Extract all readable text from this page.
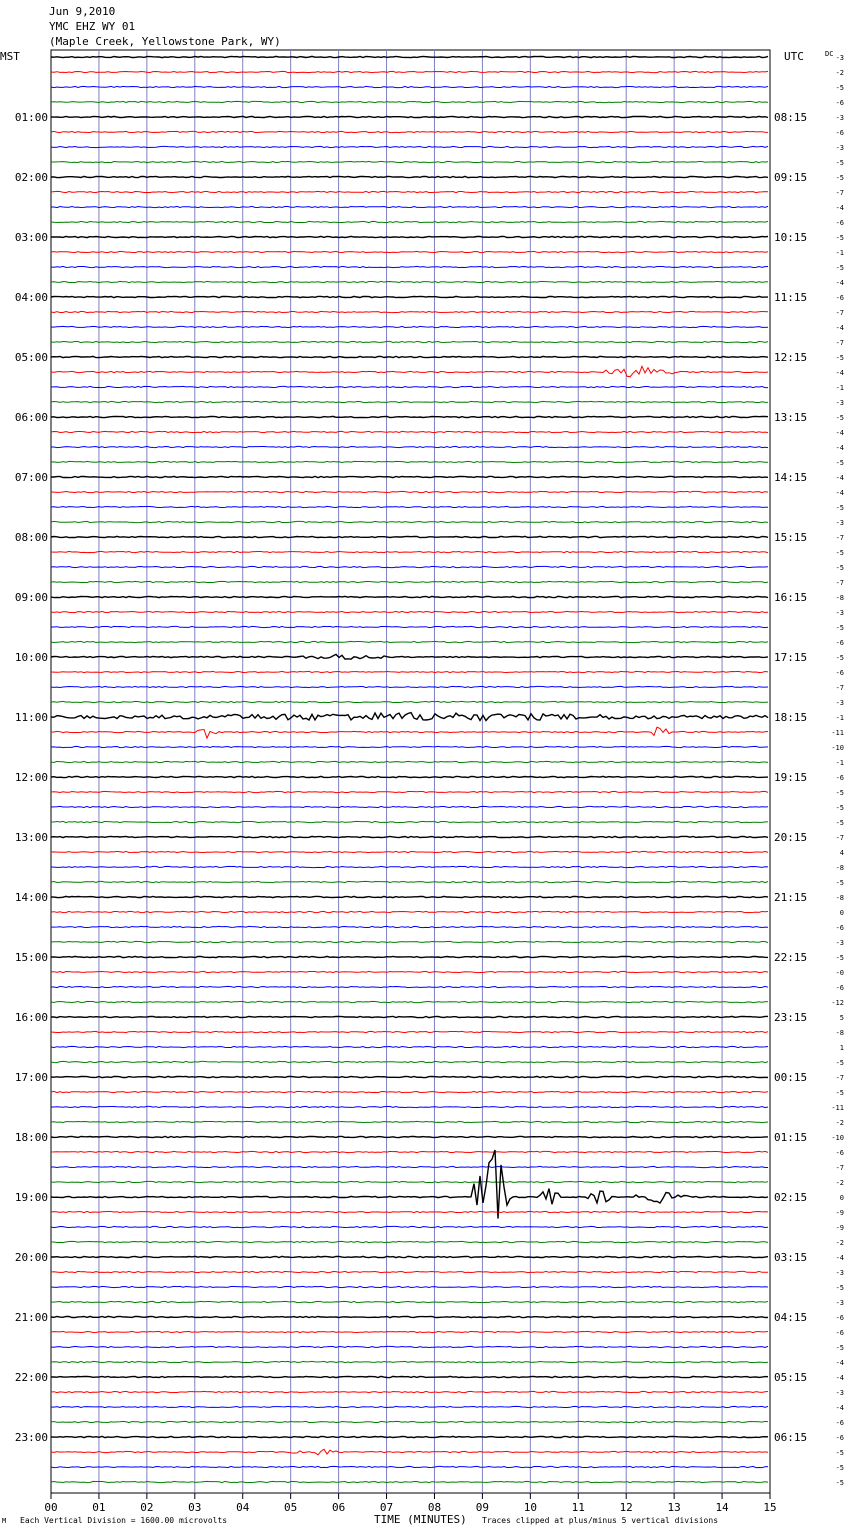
Jun 9,2010
YMC EHZ WY 01
(Maple Creek, Yellowstone Park, WY)
MST	UTC	DC -3
-2
-5
-6
-3
-6
-3
-5
-5
-7
-4
-6
-5
-1
-5
-4
-6
-7
-4
-7
-5
-4
-1
-3
-5
-4
-4
-5
-4
-4
-5
-3
-7
-5
-5
-7
-8
-3
-5
-6
-5
-6
-7
-3
-1
-11
-10
-1
-6
-5
-5
-5
-7
4
-8
-5
-8
0
-6
-3
-5
-0
-6
-12
5
-8
1
-5
-7
-5
-11
-2
-10
-6
-7
-2
0
-9
-9
-2
-4
-3
-5
-3
-6
-6
-5
-4
-4
-3
-4
-6
-6
-5
-5
-5
01:00	08:15
02:00	09:15
03:00	10:15
04:00	11:15
05:00	12:15
06:00	13:15
07:00	14:15
08:00	15:15
09:00	16:15
10:00	17:15
11:00	18:15
12:00	19:15
13:00	20:15
14:00	21:15
15:00	22:15
16:00	23:15
17:00	00:15
18:00	01:15
19:00	02:15
20:00	03:15
21:00	04:15
22:00	05:15
23:00	06:15
00	01	02	03	04	05	06	07	08	09	10	11	12	13	14	15
M Each Vertical Division = 1600.00 microvolts	TIME (MINUTES) Traces clipped at plus/minus 5 vertical divisions
